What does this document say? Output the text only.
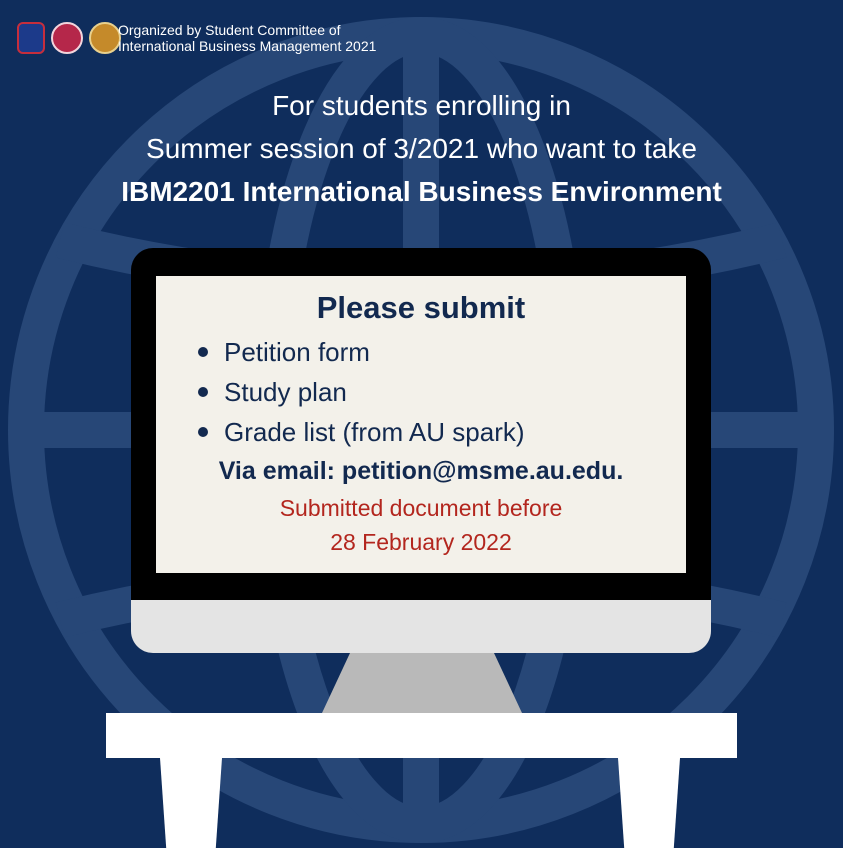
Organized by Student Committee of
International Business Management 2021
For students enrolling in
Summer session of 3/2021 who want to take
IBM2201 International Business Environment
Please submit
Petition form
Study plan
Grade list (from AU spark)
Via email: petition@msme.au.edu.
Submitted document before
28 February 2022
